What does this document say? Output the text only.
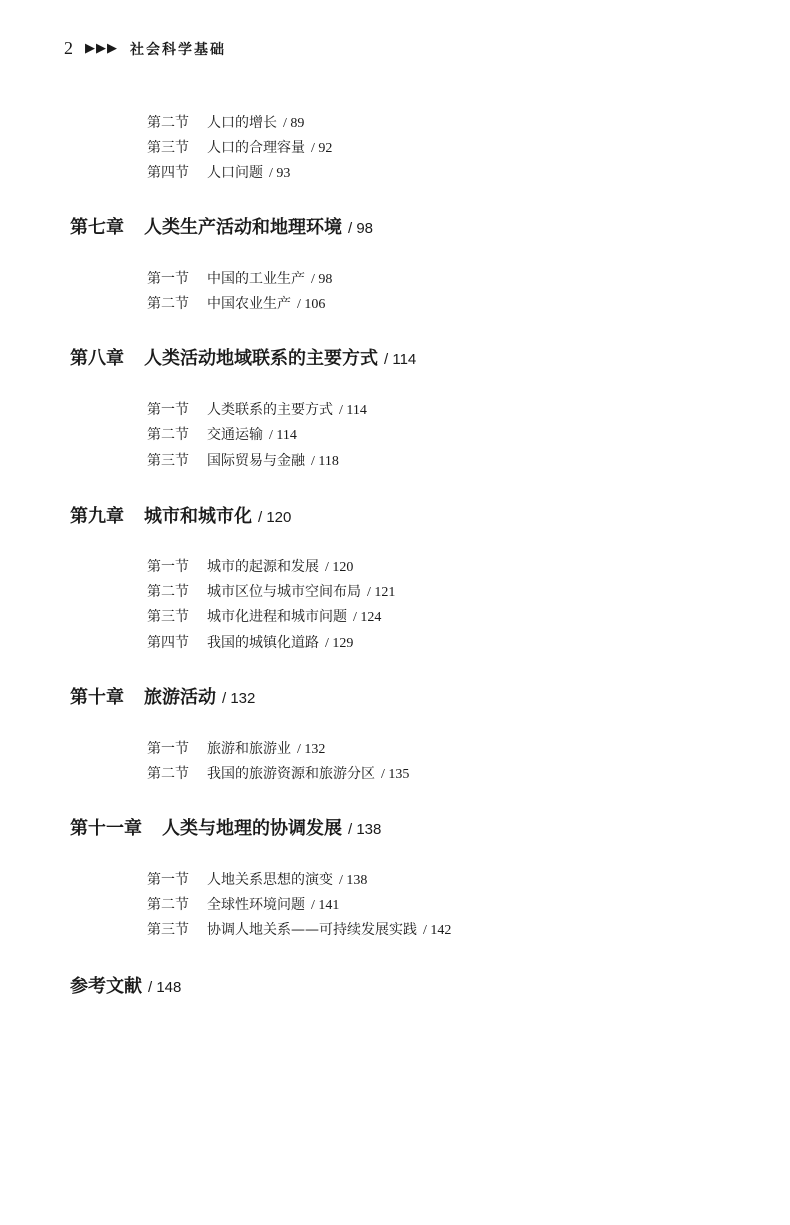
2 ▶▶▶ 社会科学基础
第二节	人口的增长 / 89
第三节	人口的合理容量 / 92
第四节	人口问题 / 93
第七章 人类生产活动和地理环境 / 98
第一节	中国的工业生产 / 98
第二节	中国农业生产 / 106
第八章 人类活动地域联系的主要方式 / 114
第一节	人类联系的主要方式 / 114
第二节	交通运输 / 114
第三节	国际贸易与金融 / 118
第九章 城市和城市化 / 120
第一节	城市的起源和发展 / 120
第二节	城市区位与城市空间布局 / 121
第三节	城市化进程和城市问题 / 124
第四节	我国的城镇化道路 / 129
第十章 旅游活动 / 132
第一节	旅游和旅游业 / 132
第二节	我国的旅游资源和旅游分区 / 135
第十一章 人类与地理的协调发展 / 138
第一节	人地关系思想的演变 / 138
第二节	全球性环境问题 / 141
第三节	协调人地关系——可持续发展实践 / 142
参考文献 / 148
